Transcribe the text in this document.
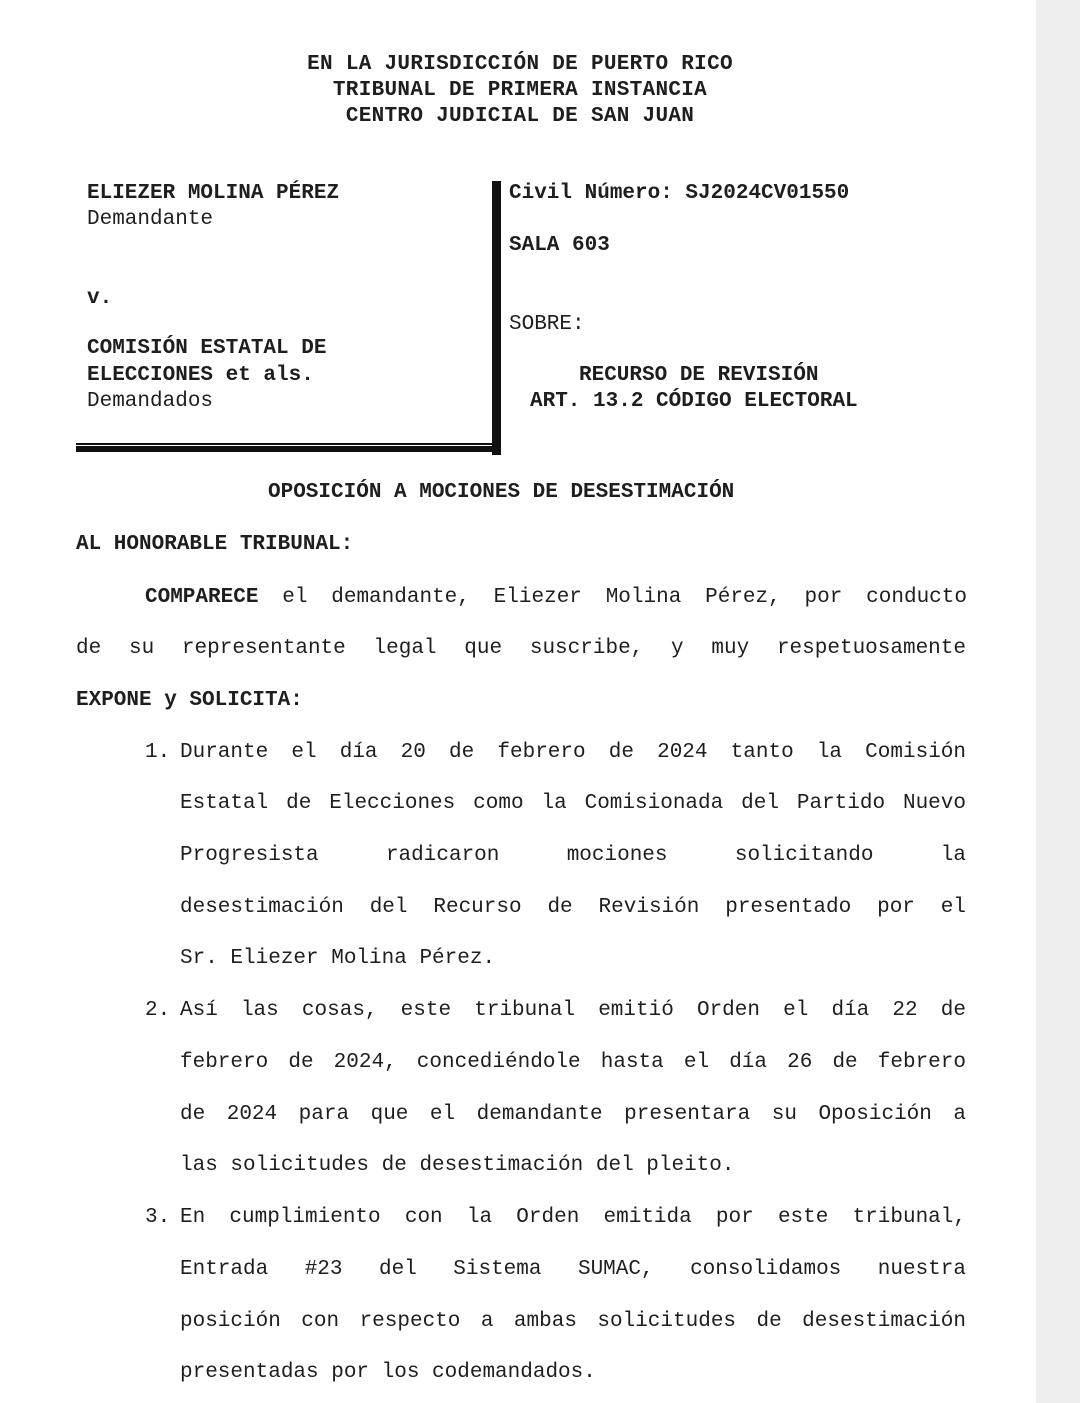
EN LA JURISDICCIÓN DE PUERTO RICO
TRIBUNAL DE PRIMERA INSTANCIA
CENTRO JUDICIAL DE SAN JUAN
ELIEZER MOLINA PÉREZ
Demandante
v.
COMISIÓN ESTATAL DE
ELECCIONES et als.
Demandados
Civil Número: SJ2024CV01550
SALA 603
SOBRE:
RECURSO DE REVISIÓN
ART. 13.2 CÓDIGO ELECTORAL
OPOSICIÓN A MOCIONES DE DESESTIMACIÓN
AL HONORABLE TRIBUNAL:
COMPARECE el demandante, Eliezer Molina Pérez, por conducto
de su representante legal que suscribe, y muy respetuosamente
EXPONE y SOLICITA:
1. Durante el día 20 de febrero de 2024 tanto la Comisión
Estatal de Elecciones como la Comisionada del Partido Nuevo
Progresista radicaron mociones solicitando la
desestimación del Recurso de Revisión presentado por el
Sr. Eliezer Molina Pérez.
2. Así las cosas, este tribunal emitió Orden el día 22 de
febrero de 2024, concediéndole hasta el día 26 de febrero
de 2024 para que el demandante presentara su Oposición a
las solicitudes de desestimación del pleito.
3. En cumplimiento con la Orden emitida por este tribunal,
Entrada #23 del Sistema SUMAC, consolidamos nuestra
posición con respecto a ambas solicitudes de desestimación
presentadas por los codemandados.
